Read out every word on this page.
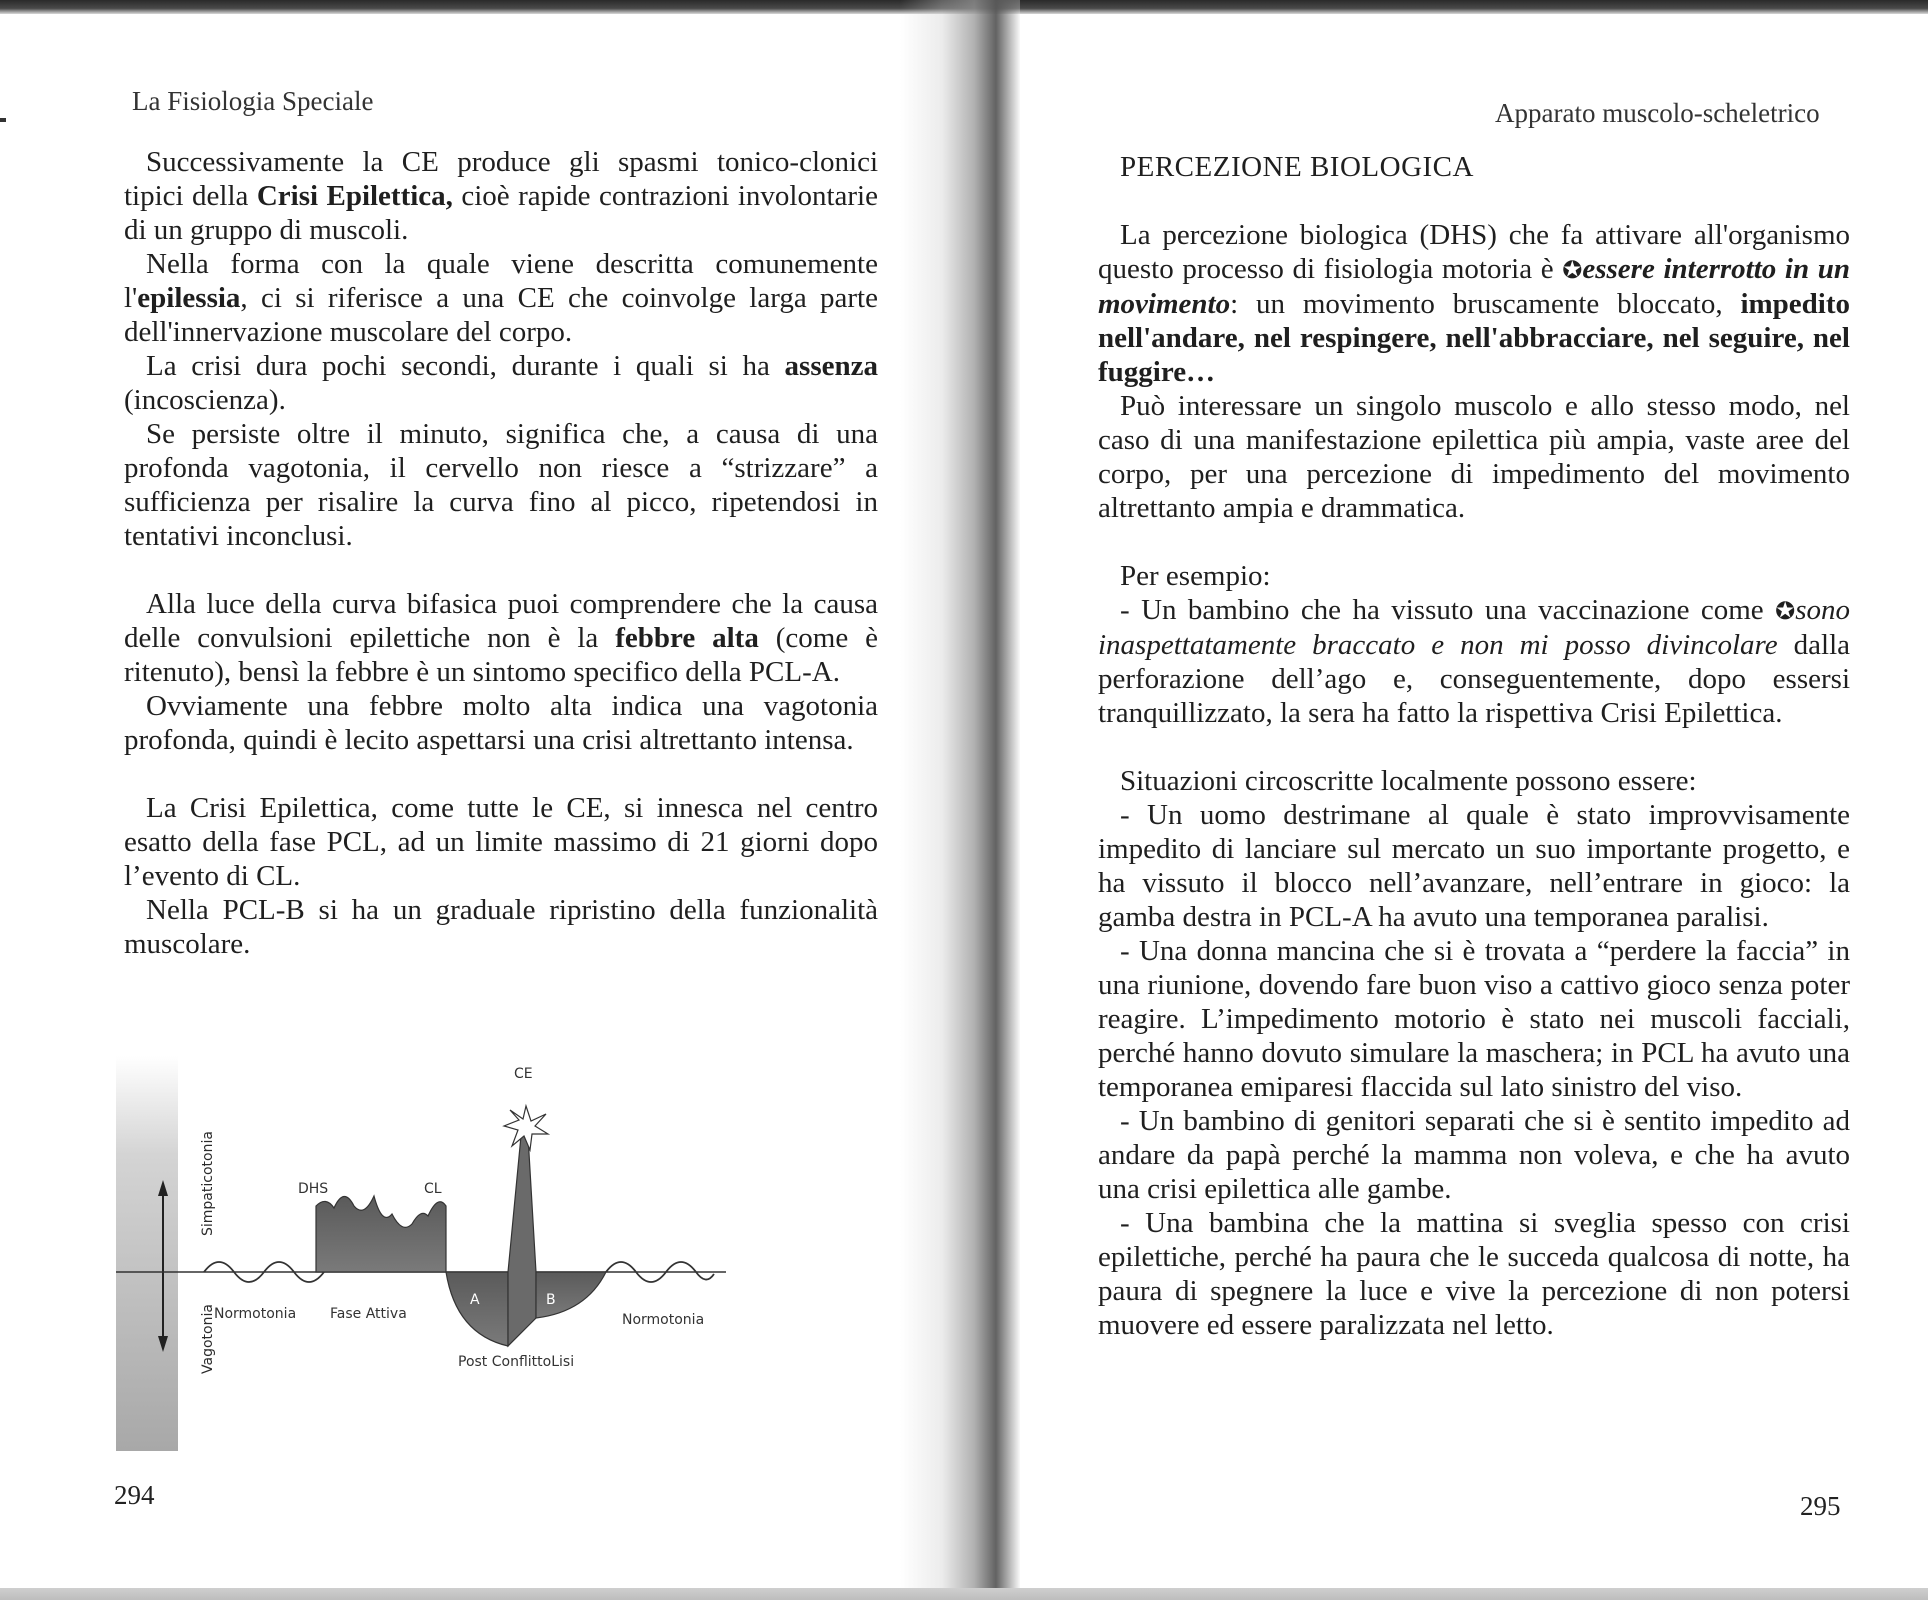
La Fisiologia Speciale

Successivamente la CE produce gli spasmi tonico-clonici tipici della Crisi Epilettica, cioè rapide contrazioni involontarie di un gruppo di muscoli.

Nella forma con la quale viene descritta comunemente l'epilessia, ci si riferisce a una CE che coinvolge larga parte dell'innervazione muscolare del corpo.

La crisi dura pochi secondi, durante i quali si ha assenza (incoscienza).

Se persiste oltre il minuto, significa che, a causa di una profonda vagotonia, il cervello non riesce a “strizzare” a sufficienza per risalire la curva fino al picco, ripetendosi in tentativi inconclusi.

Alla luce della curva bifasica puoi comprendere che la causa delle convulsioni epilettiche non è la febbre alta (come è ritenuto), bensì la febbre è un sintomo specifico della PCL-A.

Ovviamente una febbre molto alta indica una vagotonia profonda, quindi è lecito aspettarsi una crisi altrettanto intensa.

La Crisi Epilettica, come tutte le CE, si innesca nel centro esatto della fase PCL, ad un limite massimo di 21 giorni dopo l’evento di CL.

Nella PCL-B si ha un graduale ripristino della funzionalità muscolare.

Simpaticotonia
Vagotonia
CE
DHS	CL
A	B
Normotonia Fase Attiva	Normotonia
Post ConflittoLisi
294
Apparato muscolo-scheletrico
295

PERCEZIONE BIOLOGICA

La percezione biologica (DHS) che fa attivare all'organismo questo processo di fisiologia motoria è ✪essere interrotto in un movimento: un movimento bruscamente bloccato, impedito nell'andare, nel respingere, nell'abbracciare, nel seguire, nel fuggire…

Può interessare un singolo muscolo e allo stesso modo, nel caso di una manifestazione epilettica più ampia, vaste aree del corpo, per una percezione di impedimento del movimento altrettanto ampia e drammatica.

Per esempio:

- Un bambino che ha vissuto una vaccinazione come ✪sono inaspettatamente braccato e non mi posso divincolare dalla perforazione dell’ago e, conseguentemente, dopo essersi tranquillizzato, la sera ha fatto la rispettiva Crisi Epilettica.

Situazioni circoscritte localmente possono essere:

- Un uomo destrimane al quale è stato improvvisamente impedito di lanciare sul mercato un suo importante progetto, e ha vissuto il blocco nell’avanzare, nell’entrare in gioco: la gamba destra in PCL-A ha avuto una temporanea paralisi.

- Una donna mancina che si è trovata a “perdere la faccia” in una riunione, dovendo fare buon viso a cattivo gioco senza poter reagire. L’impedimento motorio è stato nei muscoli facciali, perché hanno dovuto simulare la maschera; in PCL ha avuto una temporanea emiparesi flaccida sul lato sinistro del viso.

- Un bambino di genitori separati che si è sentito impedito ad andare da papà perché la mamma non voleva, e che ha avuto una crisi epilettica alle gambe.

- Una bambina che la mattina si sveglia spesso con crisi epilettiche, perché ha paura che le succeda qualcosa di notte, ha paura di spegnere la luce e vive la percezione di non potersi muovere ed essere paralizzata nel letto.
